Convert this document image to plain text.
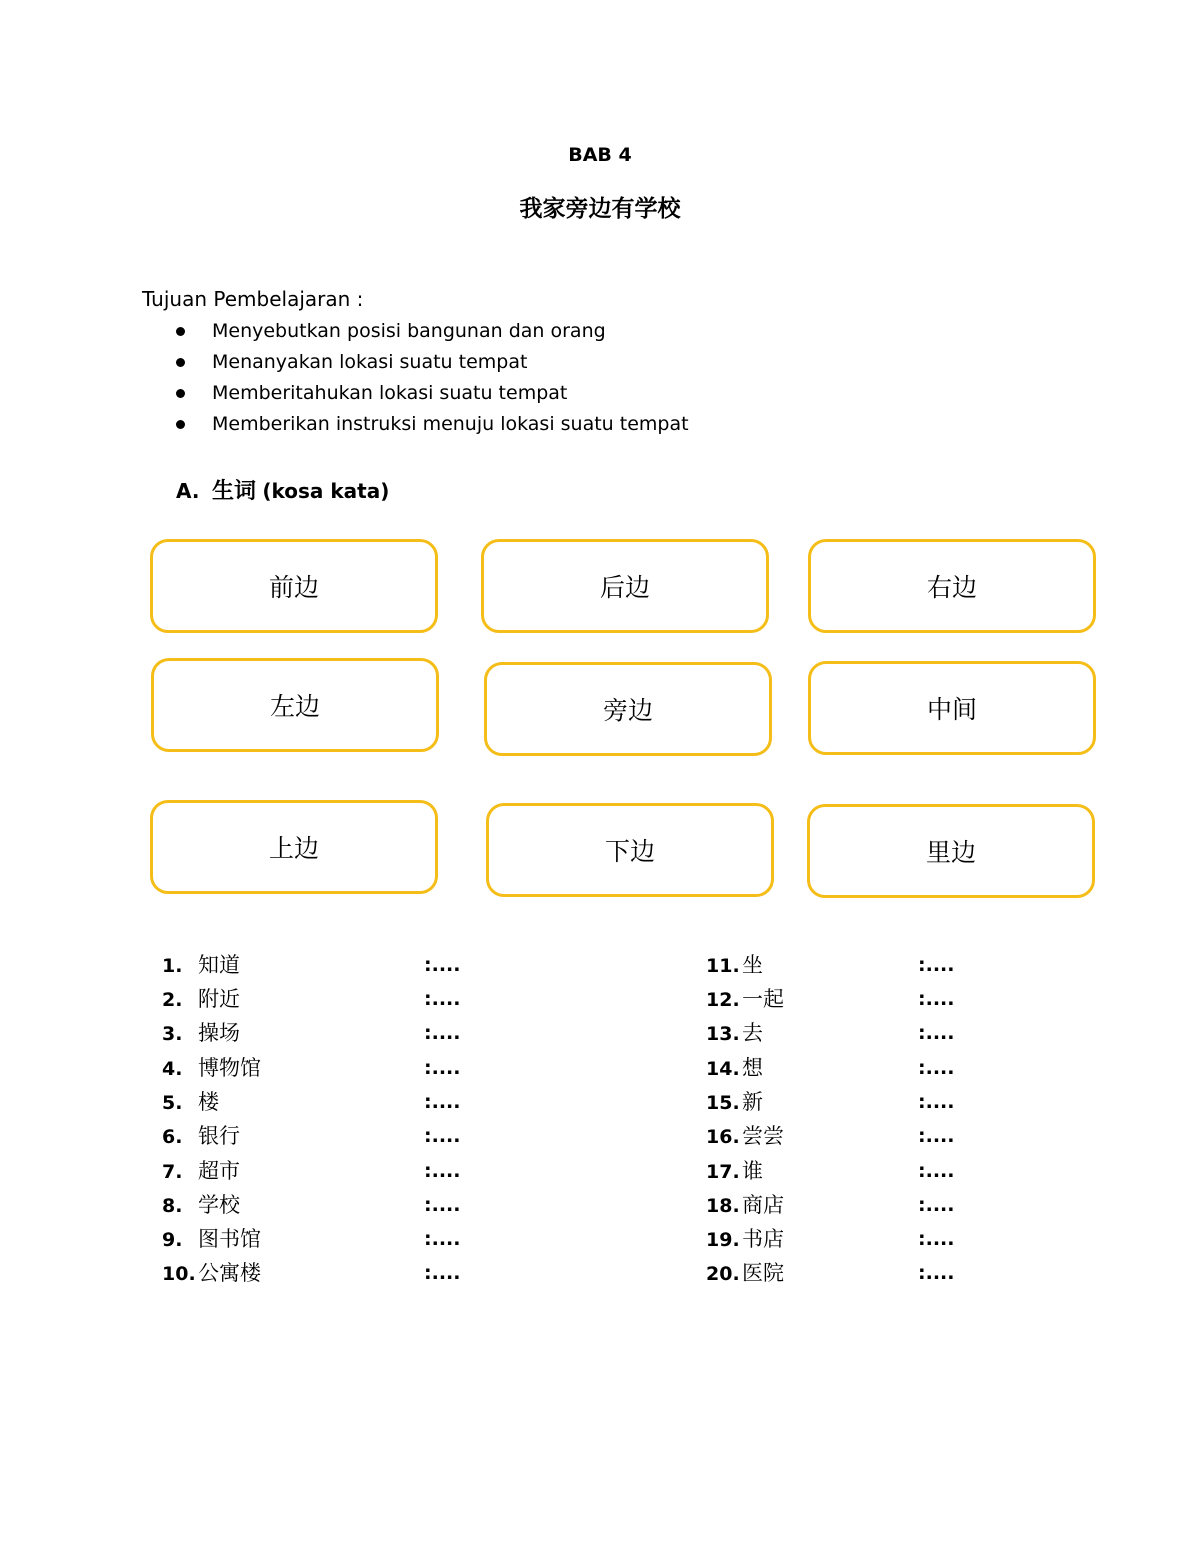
BAB 4
我家旁边有学校
Tujuan Pembelajaran :
Menyebutkan posisi bangunan dan orang
Menanyakan lokasi suatu tempat
Memberitahukan lokasi suatu tempat
Memberikan instruksi menuju lokasi suatu tempat
A. 生词 (kosa kata)
前边	后边	右边
左边	旁边	中间
上边	下边	里边
1. 知道	:....
2. 附近	:....
3. 操场	:....
4. 博物馆	:....
5. 楼	:....
6. 银行	:....
7. 超市	:....
8. 学校	:....
9. 图书馆	:....
10. 公寓楼	:....
11. 坐	:....
12. 一起	:....
13. 去	:....
14. 想	:....
15. 新	:....
16. 尝尝	:....
17. 谁	:....
18. 商店	:....
19. 书店	:....
20. 医院	:....
